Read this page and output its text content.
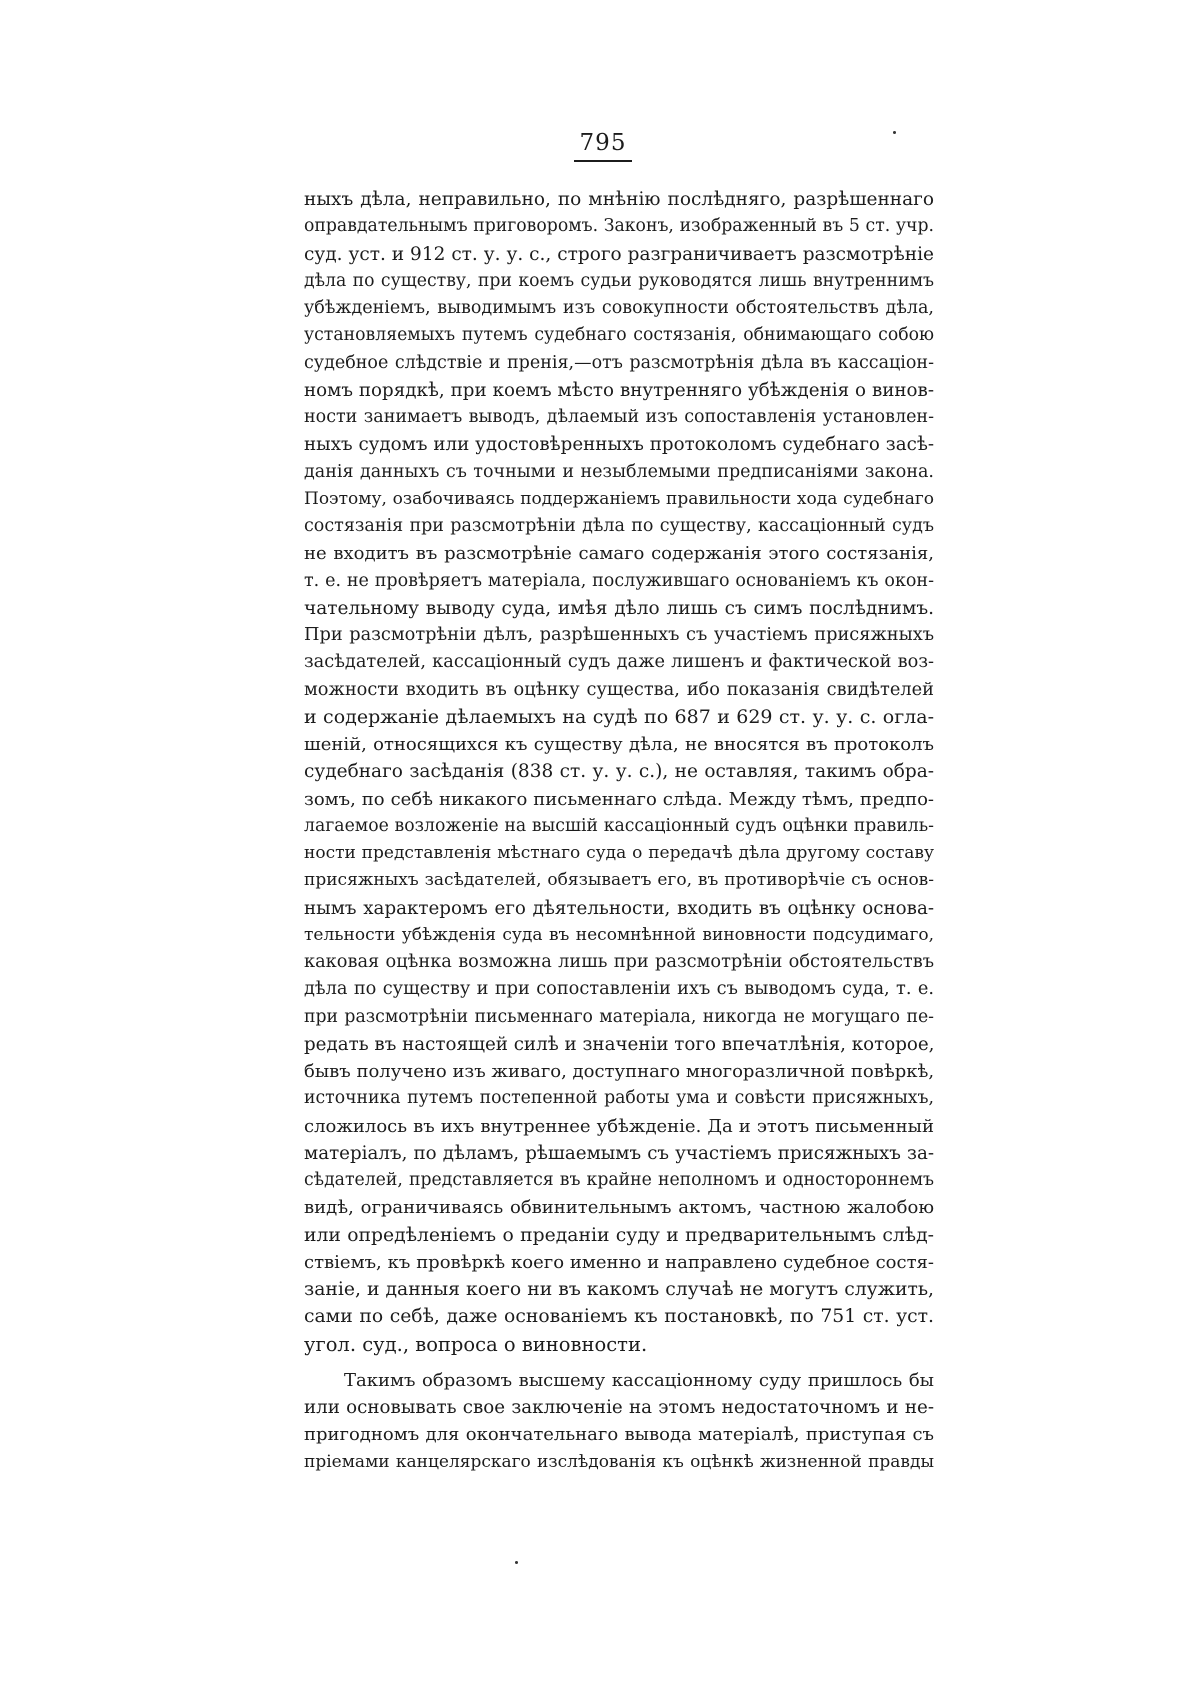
795
ныхъ дѣла, неправильно, по мнѣнію послѣдняго, разрѣшеннаго
оправдательнымъ приговоромъ. Законъ, изображенный въ 5 ст. учр.
суд. уст. и 912 ст. у. у. с., строго разграничиваетъ разсмотрѣніе
дѣла по существу, при коемъ судьи руководятся лишь внутреннимъ
убѣжденіемъ, выводимымъ изъ совокупности обстоятельствъ дѣла,
установляемыхъ путемъ судебнаго состязанія, обнимающаго собою
судебное слѣдствіе и пренія,—отъ разсмотрѣнія дѣла въ кассаціон-
номъ порядкѣ, при коемъ мѣсто внутренняго убѣжденія о винов-
ности занимаетъ выводъ, дѣлаемый изъ сопоставленія установлен-
ныхъ судомъ или удостовѣренныхъ протоколомъ судебнаго засѣ-
данія данныхъ съ точными и незыблемыми предписаніями закона.
Поэтому, озабочиваясь поддержаніемъ правильности хода судебнаго
состязанія при разсмотрѣніи дѣла по существу, кассаціонный судъ
не входитъ въ разсмотрѣніе самаго содержанія этого состязанія,
т. е. не провѣряетъ матеріала, послужившаго основаніемъ къ окон-
чательному выводу суда, имѣя дѣло лишь съ симъ послѣднимъ.
При разсмотрѣніи дѣлъ, разрѣшенныхъ съ участіемъ присяжныхъ
засѣдателей, кассаціонный судъ даже лишенъ и фактической воз-
можности входить въ оцѣнку существа, ибо показанія свидѣтелей
и содержаніе дѣлаемыхъ на судѣ по 687 и 629 ст. у. у. с. огла-
шеній, относящихся къ существу дѣла, не вносятся въ протоколъ
судебнаго засѣданія (838 ст. у. у. с.), не оставляя, такимъ обра-
зомъ, по себѣ никакого письменнаго слѣда. Между тѣмъ, предпо-
лагаемое возложеніе на высшій кассаціонный судъ оцѣнки правиль-
ности представленія мѣстнаго суда о передачѣ дѣла другому составу
присяжныхъ засѣдателей, обязываетъ его, въ противорѣчіе съ основ-
нымъ характеромъ его дѣятельности, входить въ оцѣнку основа-
тельности убѣжденія суда въ несомнѣнной виновности подсудимаго,
каковая оцѣнка возможна лишь при разсмотрѣніи обстоятельствъ
дѣла по существу и при сопоставленіи ихъ съ выводомъ суда, т. е.
при разсмотрѣніи письменнаго матеріала, никогда не могущаго пе-
редать въ настоящей силѣ и значеніи того впечатлѣнія, которое,
бывъ получено изъ живаго, доступнаго многоразличной повѣркѣ,
источника путемъ постепенной работы ума и совѣсти присяжныхъ,
сложилось въ ихъ внутреннее убѣжденіе. Да и этотъ письменный
матеріалъ, по дѣламъ, рѣшаемымъ съ участіемъ присяжныхъ за-
сѣдателей, представляется въ крайне неполномъ и одностороннемъ
видѣ, ограничиваясь обвинительнымъ актомъ, частною жалобою
или опредѣленіемъ о преданіи суду и предварительнымъ слѣд-
ствіемъ, къ провѣркѣ коего именно и направлено судебное состя-
заніе, и данныя коего ни въ какомъ случаѣ не могутъ служить,
сами по себѣ, даже основаніемъ къ постановкѣ, по 751 ст. уст.
угол. суд., вопроса о виновности.
Такимъ образомъ высшему кассаціонному суду пришлось бы
или основывать свое заключеніе на этомъ недостаточномъ и не-
пригодномъ для окончательнаго вывода матеріалѣ, приступая съ
пріемами канцелярскаго изслѣдованія къ оцѣнкѣ жизненной правды
